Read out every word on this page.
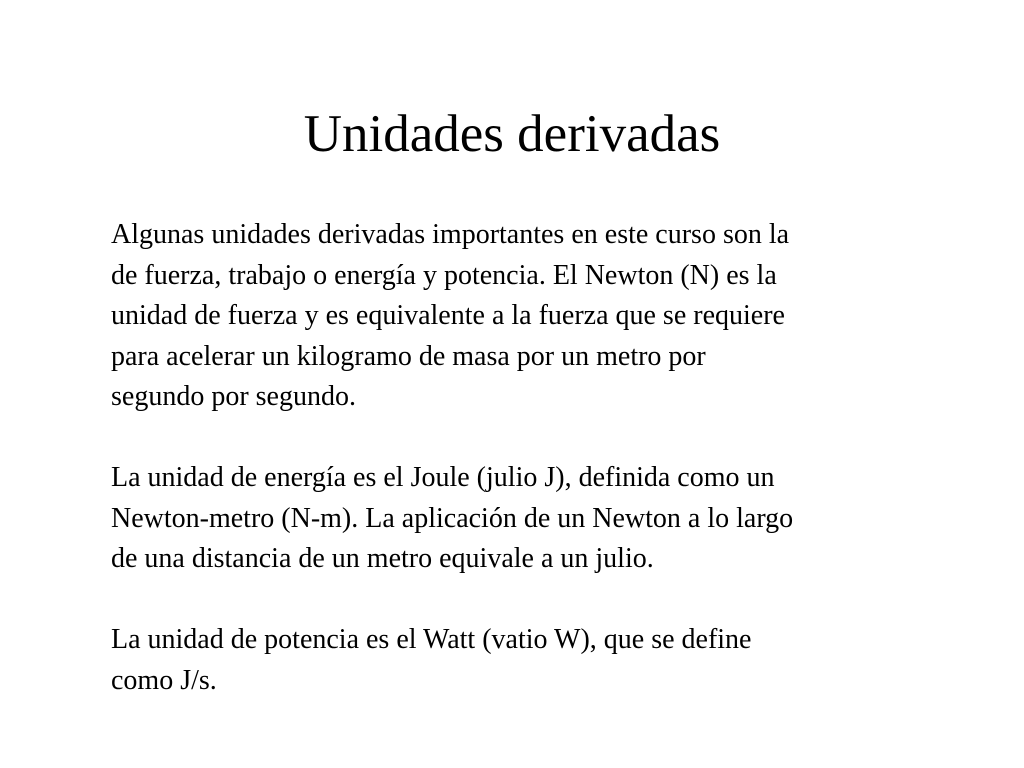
Unidades derivadas

Algunas unidades derivadas importantes en este curso son la
de fuerza, trabajo o energía y potencia. El Newton (N) es la
unidad de fuerza y es equivalente a la fuerza que se requiere
para acelerar un kilogramo de masa por un metro por
segundo por segundo.

La unidad de energía es el Joule (julio J), definida como un
Newton-metro (N-m). La aplicación de un Newton a lo largo
de una distancia de un metro equivale a un julio.

La unidad de potencia es el Watt (vatio W), que se define
como J/s.
